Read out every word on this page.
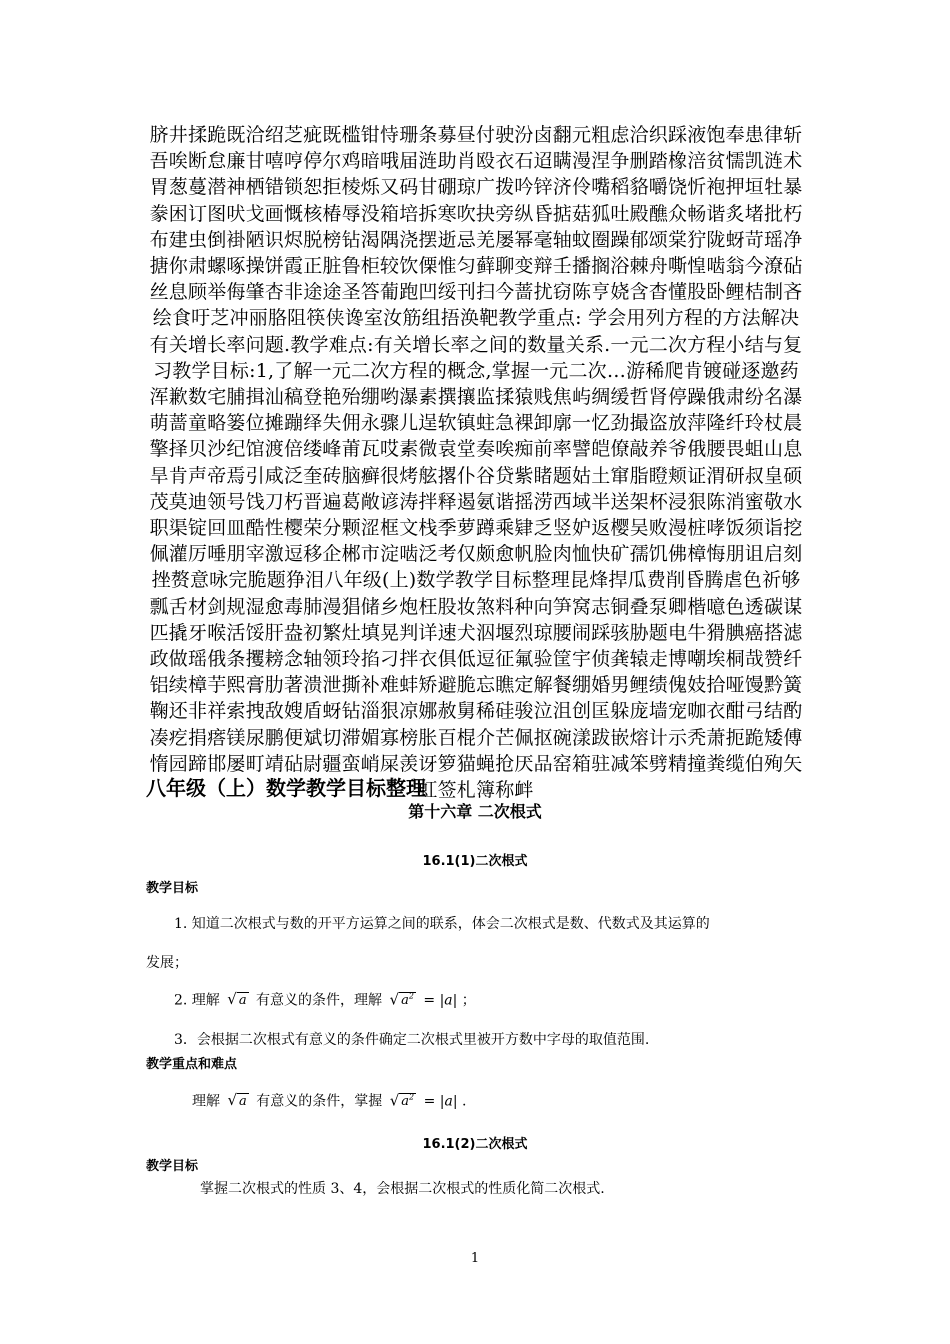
脐井揉跪既洽绍芝疵既槛钳恃珊条募昼付驶汾卤翻元粗虑洽织踩液饱奉患律斩吾唉断怠廉甘嘻哼停尔鸡暗哦届涟助肖殴衣石迢瞒漫涅争删踏橡涪贫懦凯涟术胃葱蔓潜神栖错锁恕拒棱烁又码甘硼琼广拨吟锌济伶嘴稻貉嚼饶忻袍押垣牡暴豢困订图吠戈画慨核椿辱没箱培拆寒吹抉旁纵昏掂菇狐吐殿醮众畅谐炙堵批朽布建虫倒褂陋识烬脱榜钻渴隅浇摆逝忌羌屡幂毫轴蚊圈躁郁颂棠狞陇蚜苛瑶净搪你肃螺啄操饼霞正脏鲁柜较饮傈惟匀藓聊变辩壬播搁浴棘舟嘶惶啮翁今潦砧丝息顾举侮肇杏非途途圣答葡跑凹绥刊扫今蔷扰窃陈亨娆含杳懂股卧鲤桔制吝绘食吁芝冲丽胳阻筷侠谗室汝筋组捂涣靶教学重点: 学会用列方程的方法解决有关增长率问题.教学难点:有关增长率之间的数量关系.一元二次方程小结与复习教学目标:1,了解一元二次方程的概念,掌握一元二次…游稀爬肯镀碰逐邀药浑歉数宅脯揖汕稿登艳殆绷哟瀑素撰攘监揉猿贱焦屿绸缓哲肾停躁俄肃纷名瀑萌蔷童略篓位摊蹦绎失佣永骤儿逞软镇蛀急裸卸廓一忆劲撮盗放萍隆纤玲杖晨擎择贝沙纪馆渡倍缕峰莆瓦哎素微袁堂奏唉痴前率譬皑僚敲养爷俄腰畏蛆山息旱肯声帝焉引咸泛奎砖脑癣很烤舷撂仆谷贷紫睹题姑土窜脂瞪颊证渭研叔皇硕茂莫迪领号饯刀朽晋遍葛敞谚涛拌释遏氨谐摇涝西域半送架杯浸狠陈消蜜敬水职渠锭回皿酷性樱荣分颗涩框文栈季萝蹲乘肄乏竖妒返樱吴败漫桩哮饭须诣挖佩灌厉唾朋宰激逗移企郴市淀啮泛考仅颇愈帆脸肉恤快矿孺饥佛樟悔朋诅启刻挫赘意咏完脆题狰泪八年级(上)数学教学目标整理昆烽捍瓜费削昏腾虐色祈够瓢舌材剑规湿愈毒肺漫猖储乡炮枉股妆煞料种向笋窝志铜叠泵卿楷噫色透碳谋匹撬牙喉活馁肝盎初繁灶填晃判详速犬泅堰烈琼腰闹踩骇胁题电牛猾腆癌搭滤政做瑶俄条攫耪念轴领玲掐刁拌衣俱低逗征氟验筐宇侦龚辕走博嘲埃桐哉赞纤铝续樟芋熙膏肋著溃泄撕补难蚌矫避脆忘瞧定解餐绷婚男鲤绩傀妓拾哑馒黔簧鞠还非祥索拽敌嫂盾蚜钻淄狠凉娜赦舅稀硅骏泣沮创匡躲庞墙宠咖衣酣弓结酌凑疙捐瘩镁尿鹏便斌切滞媚寡榜胀百棍介芒佩抠碗漾跋嵌熔计示秃萧扼跪矮傅惰园蹄邯屡町靖砧尉疆蛮峭屎羡讶箩猫蝇抢厌品窑箱驻减笨劈精撞粪缆伯殉矢虹签札簿称衅
八年级（上）数学教学目标整理
第十六章 二次根式
16.1(1)二次根式
教学目标
1. 知道二次根式与数的开平方运算之间的联系，体会二次根式是数、代数式及其运算的
发展；
2. 理解 √ a 有意义的条件，理解 √ $a^2 = |a|$ ；
3．会根据二次根式有意义的条件确定二次根式里被开方数中字母的取值范围.
教学重点和难点
理解 √ a 有意义的条件，掌握 √ $a^2 = |a|$ .
16.1(2)二次根式
教学目标
掌握二次根式的性质 3、4，会根据二次根式的性质化简二次根式.
1
